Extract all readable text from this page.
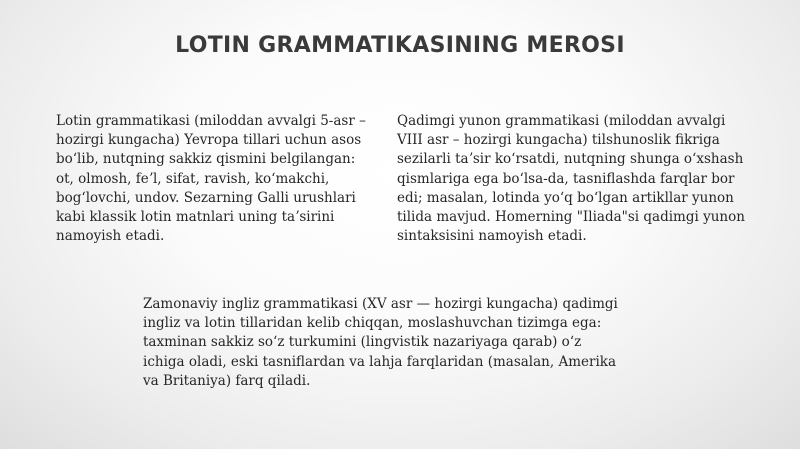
LOTIN GRAMMATIKASINING MEROSI
Lotin grammatikasi (miloddan avvalgi 5-asr – hozirgi kungacha) Yevropa tillari uchun asos boʻlib, nutqning sakkiz qismini belgilangan: ot, olmosh, feʼl, sifat, ravish, koʻmakchi, bogʻlovchi, undov. Sezarning Galli urushlari kabi klassik lotin matnlari uning taʼsirini namoyish etadi.
Qadimgi yunon grammatikasi (miloddan avvalgi VIII asr – hozirgi kungacha) tilshunoslik fikriga sezilarli taʼsir koʻrsatdi, nutqning shunga oʻxshash qismlariga ega boʻlsa-da, tasniflashda farqlar bor edi; masalan, lotinda yoʻq boʻlgan artikllar yunon tilida mavjud. Homerning "Iliada"si qadimgi yunon sintaksisini namoyish etadi.
Zamonaviy ingliz grammatikasi (XV asr — hozirgi kungacha) qadimgi ingliz va lotin tillaridan kelib chiqqan, moslashuvchan tizimga ega: taxminan sakkiz soʻz turkumini (lingvistik nazariyaga qarab) oʻz ichiga oladi, eski tasniflardan va lahja farqlaridan (masalan, Amerika va Britaniya) farq qiladi.
